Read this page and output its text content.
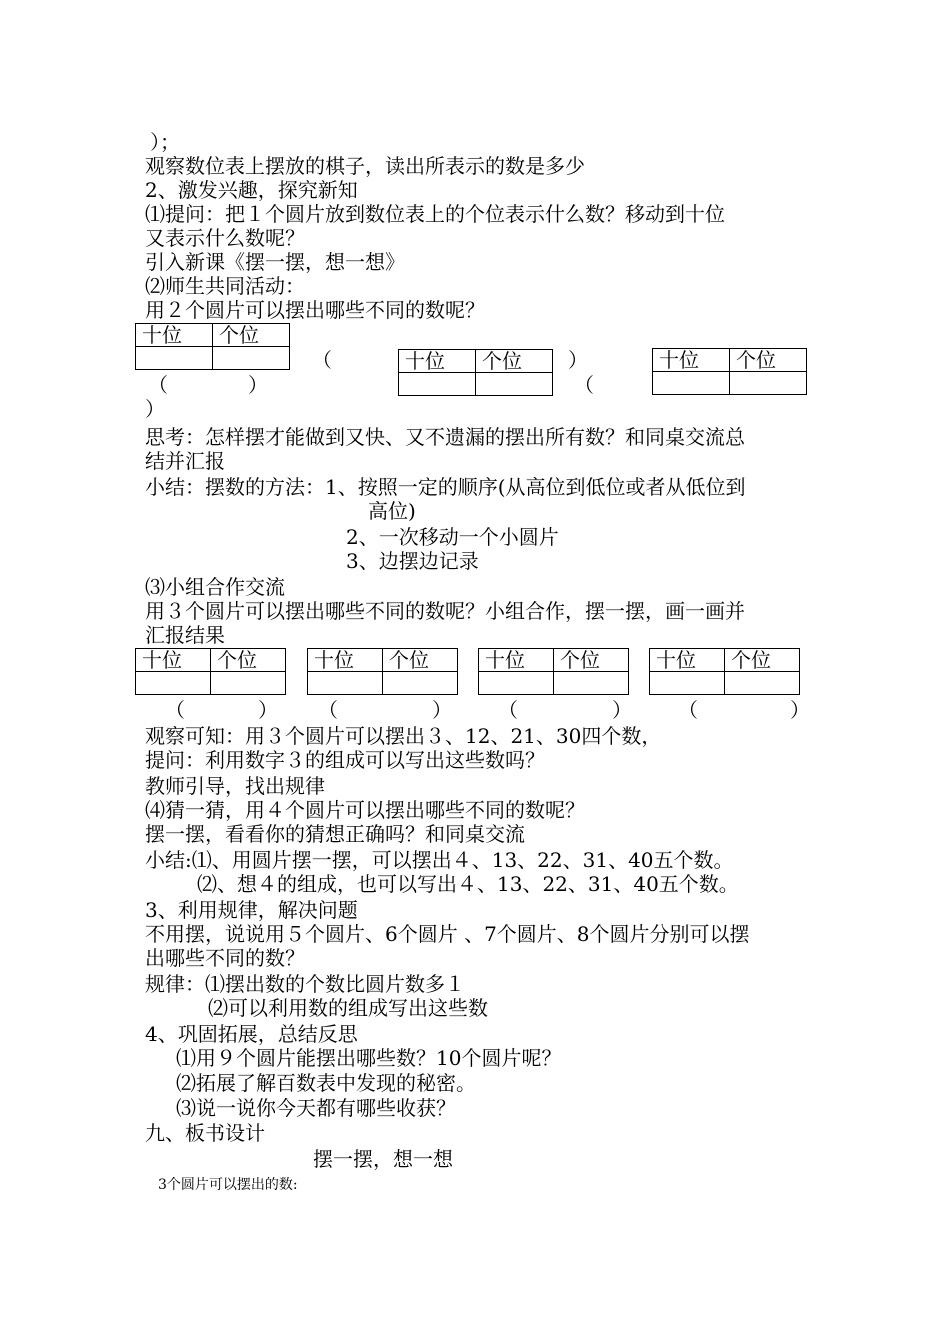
）；
观察数位表上摆放的棋子，读出所表示的数是多少
2、激发兴趣，探究新知
⑴提问：把１个圆片放到数位表上的个位表示什么数？移动到十位
又表示什么数呢？
引入新课《摆一摆，想一想》
⑵师生共同活动：
用２个圆片可以摆出哪些不同的数呢？
十位	个位

（
（　　　　）
）
十位	个位
	）
（
十位	个位

思考：怎样摆才能做到又快、又不遗漏的摆出所有数？和同桌交流总
结并汇报
小结：摆数的方法：1、按照一定的顺序(从高位到低位或者从低位到
高位)
2、一次移动一个小圆片
3、边摆边记录
⑶小组合作交流
用３个圆片可以摆出哪些不同的数呢？小组合作，摆一摆，画一画并
汇报结果
十位	个位
		十位	个位
		十位	个位
		十位	个位

（	） （	） （	） （	）
观察可知：用３个圆片可以摆出３、12、21、30四个数，
提问：利用数字３的组成可以写出这些数吗？
教师引导，找出规律
⑷猜一猜，用４个圆片可以摆出哪些不同的数呢？
摆一摆，看看你的猜想正确吗？和同桌交流
小结:⑴、用圆片摆一摆，可以摆出４、13、22、31、40五个数。
⑵、想４的组成，也可以写出４、13、22、31、40五个数。
3、利用规律，解决问题
不用摆，说说用５个圆片、6个圆片 、7个圆片、8个圆片分别可以摆
出哪些不同的数？
规律：⑴摆出数的个数比圆片数多１
⑵可以利用数的组成写出这些数
4、巩固拓展，总结反思
⑴用９个圆片能摆出哪些数？10个圆片呢？
⑵拓展了解百数表中发现的秘密。
⑶说一说你今天都有哪些收获？
九、板书设计
摆一摆，想一想
3个圆片可以摆出的数:
